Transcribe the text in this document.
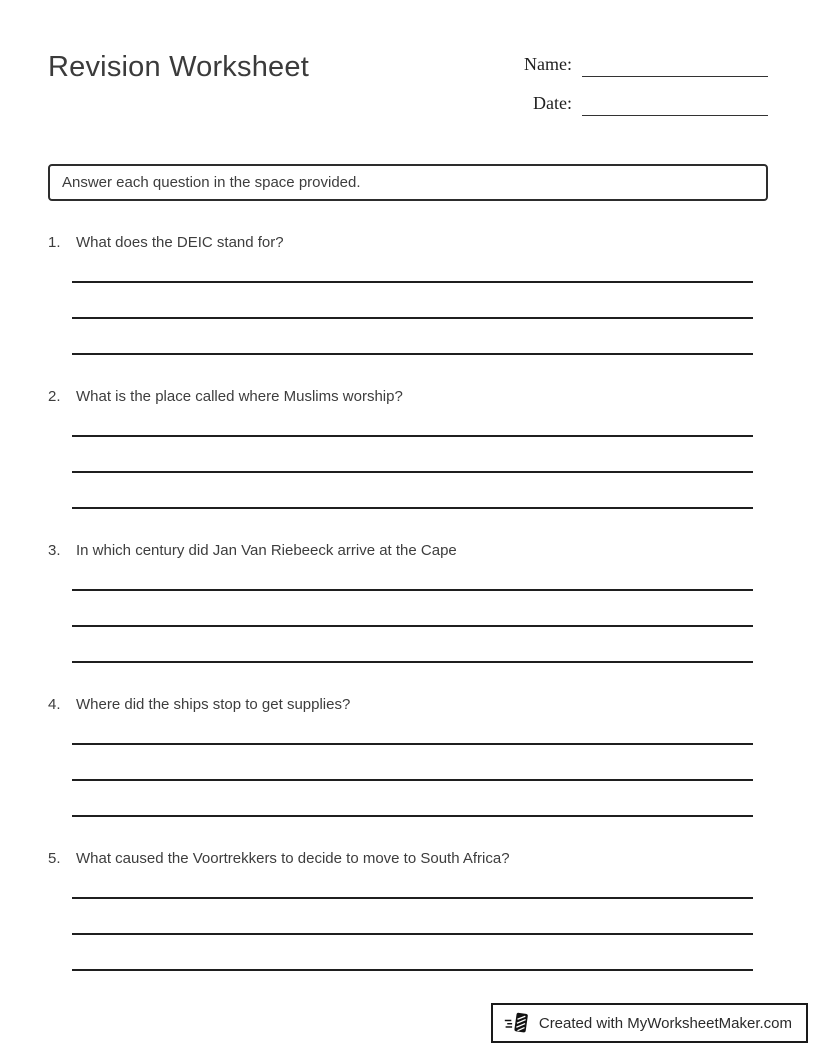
Revision Worksheet	Name:
Date:
Answer each question in the space provided.
1.	What does the DEIC stand for?
2.	What is the place called where Muslims worship?
3.	In which century did Jan Van Riebeeck arrive at the Cape
4.	Where did the ships stop to get supplies?
5.	What caused the Voortrekkers to decide to move to South Africa?
Created with MyWorksheetMaker.com
